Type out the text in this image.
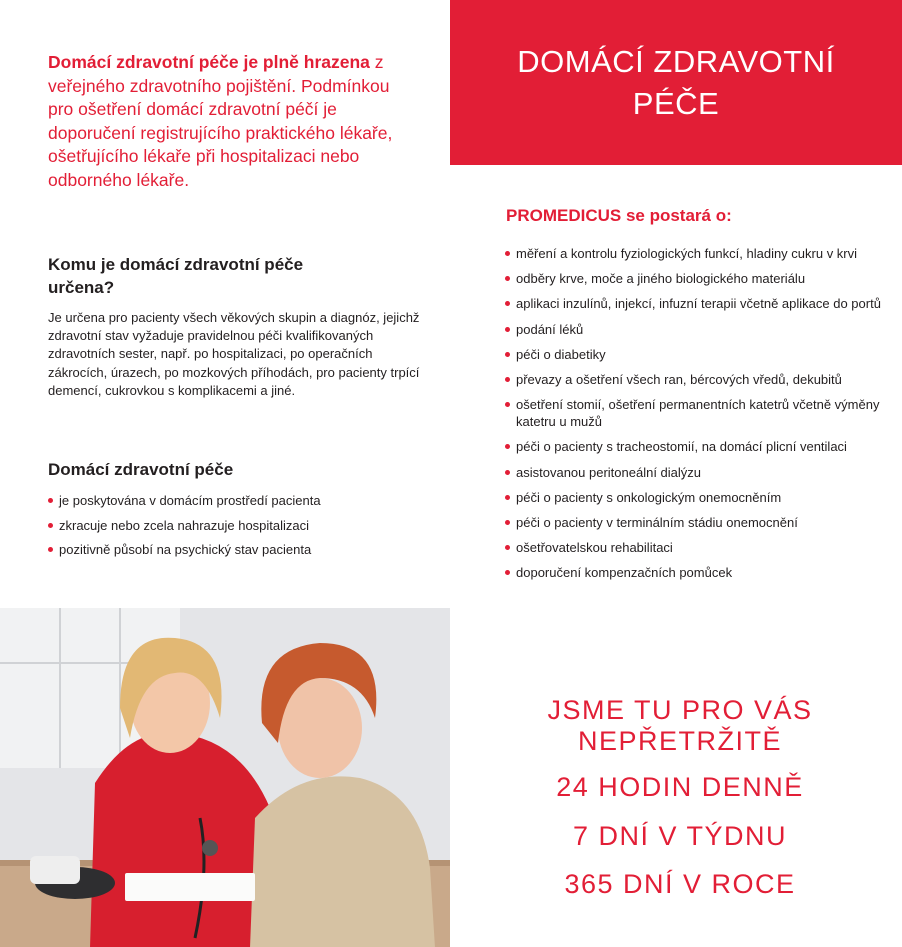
Domácí zdravotní péče je plně hrazena z veřejného zdravotního pojištění. Podmínkou pro ošetření domácí zdravotní péčí je doporučení registrujícího praktického lékaře, ošetřujícího lékaře při hospitalizaci nebo odborného lékaře.
Komu je domácí zdravotní péče určena?

Je určena pro pacienty všech věkových skupin a diagnóz, jejichž zdravotní stav vyžaduje pravidelnou péči kvalifikovaných zdravotních sester, např. po hospitalizaci, po operačních zákrocích, úrazech, po mozkových příhodách, pro pacienty trpící demencí, cukrovkou s komplikacemi a jiné.

Domácí zdravotní péče
je poskytována v domácím prostředí pacienta
zkracuje nebo zcela nahrazuje hospitalizaci
pozitivně působí na psychický stav pacienta
DOMÁCÍ ZDRAVOTNÍ PÉČE
PROMEDICUS se postará o:
měření a kontrolu fyziologických funkcí, hladiny cukru v krvi
odběry krve, moče a jiného biologického materiálu
aplikaci inzulínů, injekcí, infuzní terapii včetně aplikace do portů
podání léků
péči o diabetiky
převazy a ošetření všech ran, bércových vředů, dekubitů
ošetření stomií, ošetření permanentních katetrů včetně výměny katetru u mužů
péči o pacienty s tracheostomií, na domácí plicní ventilaci
asistovanou peritoneální dialýzu
péči o pacienty s onkologickým onemocněním
péči o pacienty v terminálním stádiu onemocnění
ošetřovatelskou rehabilitaci
doporučení kompenzačních pomůcek
JSME TU PRO VÁS NEPŘETRŽITĚ
24 HODIN DENNĚ
7 DNÍ V TÝDNU
365 DNÍ V ROCE
